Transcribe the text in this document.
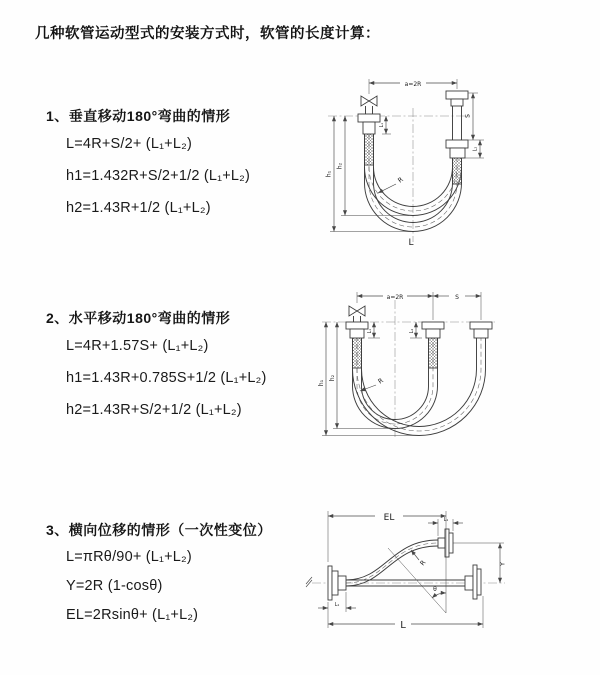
几种软管运动型式的安装方式时，软管的长度计算：
1、垂直移动180°弯曲的情形
L=4R+S/2+ (L₁+L₂)
h1=1.432R+S/2+1/2 (L₁+L₂)
h2=1.43R+1/2 (L₁+L₂)
a=2R
h₁
h₂
L₁
S
L₂
R
L
2、水平移动180°弯曲的情形
L=4R+1.57S+ (L₁+L₂)
h1=1.43R+0.785S+1/2 (L₁+L₂)
h2=1.43R+S/2+1/2 (L₁+L₂)
a=2R	S
h₁
h₂
L₁	L₂
R
3、横向位移的情形（一次性变位）
L=πRθ/90+ (L₁+L₂)
Y=2R (1-cosθ)
EL=2Rsinθ+ (L₁+L₂)
θ
EL	L₁
Y
R
L
L₁
